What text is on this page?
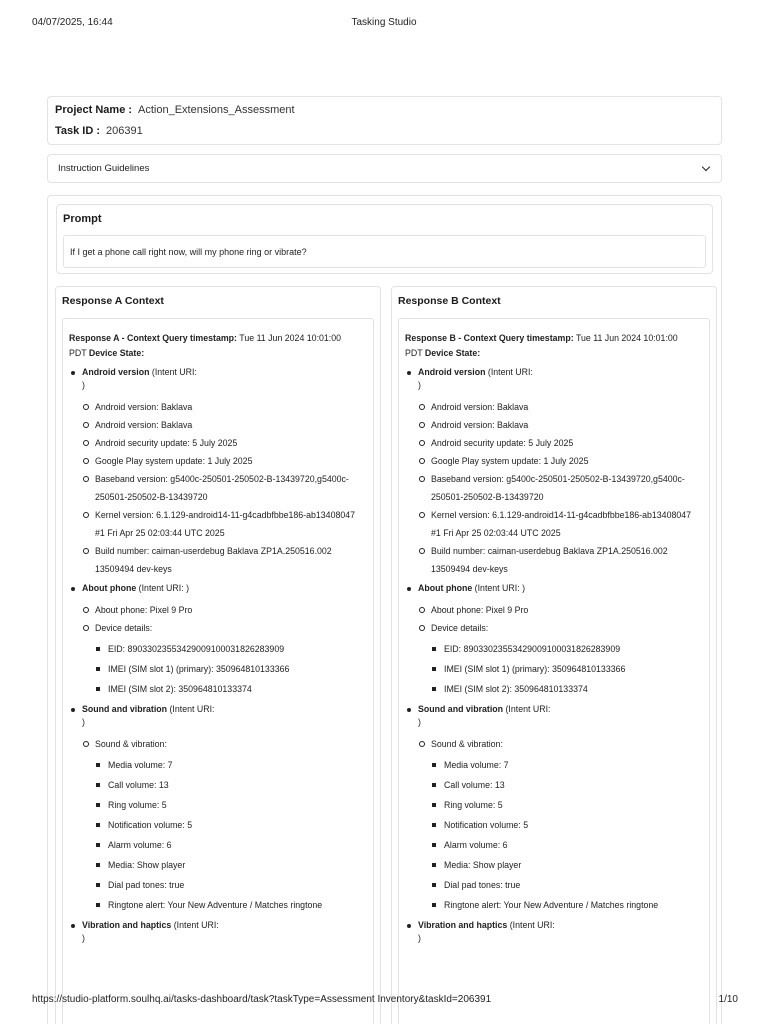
04/07/2025, 16:44	Tasking Studio
Project Name : Action_Extensions_Assessment
Task ID : 206391
Instruction Guidelines
Prompt
If I get a phone call right now, will my phone ring or vibrate?
Response A Context
Response A - Context Query timestamp: Tue 11 Jun 2024 10:01:00
PDT Device State:
Android version (Intent URI:
)
Android version: Baklava
Android version: Baklava
Android security update: 5 July 2025
Google Play system update: 1 July 2025
Baseband version: g5400c-250501-250502-B-13439720,g5400c-250501-250502-B-13439720
Kernel version: 6.1.129-android14-11-g4cadbfbbe186-ab13408047 #1 Fri Apr 25 02:03:44 UTC 2025
Build number: caiman-userdebug Baklava ZP1A.250516.002 13509494 dev-keys
About phone (Intent URI: )
About phone: Pixel 9 Pro
Device details:
EID: 89033023553429009100031826283909
IMEI (SIM slot 1) (primary): 350964810133366
IMEI (SIM slot 2): 350964810133374
Sound and vibration (Intent URI:
)
Sound & vibration:
Media volume: 7
Call volume: 13
Ring volume: 5
Notification volume: 5
Alarm volume: 6
Media: Show player
Dial pad tones: true
Ringtone alert: Your New Adventure / Matches ringtone
Vibration and haptics (Intent URI:
)
Response B Context
Response B - Context Query timestamp: Tue 11 Jun 2024 10:01:00
PDT Device State:
Android version (Intent URI:
)
Android version: Baklava
Android version: Baklava
Android security update: 5 July 2025
Google Play system update: 1 July 2025
Baseband version: g5400c-250501-250502-B-13439720,g5400c-250501-250502-B-13439720
Kernel version: 6.1.129-android14-11-g4cadbfbbe186-ab13408047 #1 Fri Apr 25 02:03:44 UTC 2025
Build number: caiman-userdebug Baklava ZP1A.250516.002 13509494 dev-keys
About phone (Intent URI: )
About phone: Pixel 9 Pro
Device details:
EID: 89033023553429009100031826283909
IMEI (SIM slot 1) (primary): 350964810133366
IMEI (SIM slot 2): 350964810133374
Sound and vibration (Intent URI:
)
Sound & vibration:
Media volume: 7
Call volume: 13
Ring volume: 5
Notification volume: 5
Alarm volume: 6
Media: Show player
Dial pad tones: true
Ringtone alert: Your New Adventure / Matches ringtone
Vibration and haptics (Intent URI:
)
https://studio-platform.soulhq.ai/tasks-dashboard/task?taskType=Assessment Inventory&taskId=206391	1/10
